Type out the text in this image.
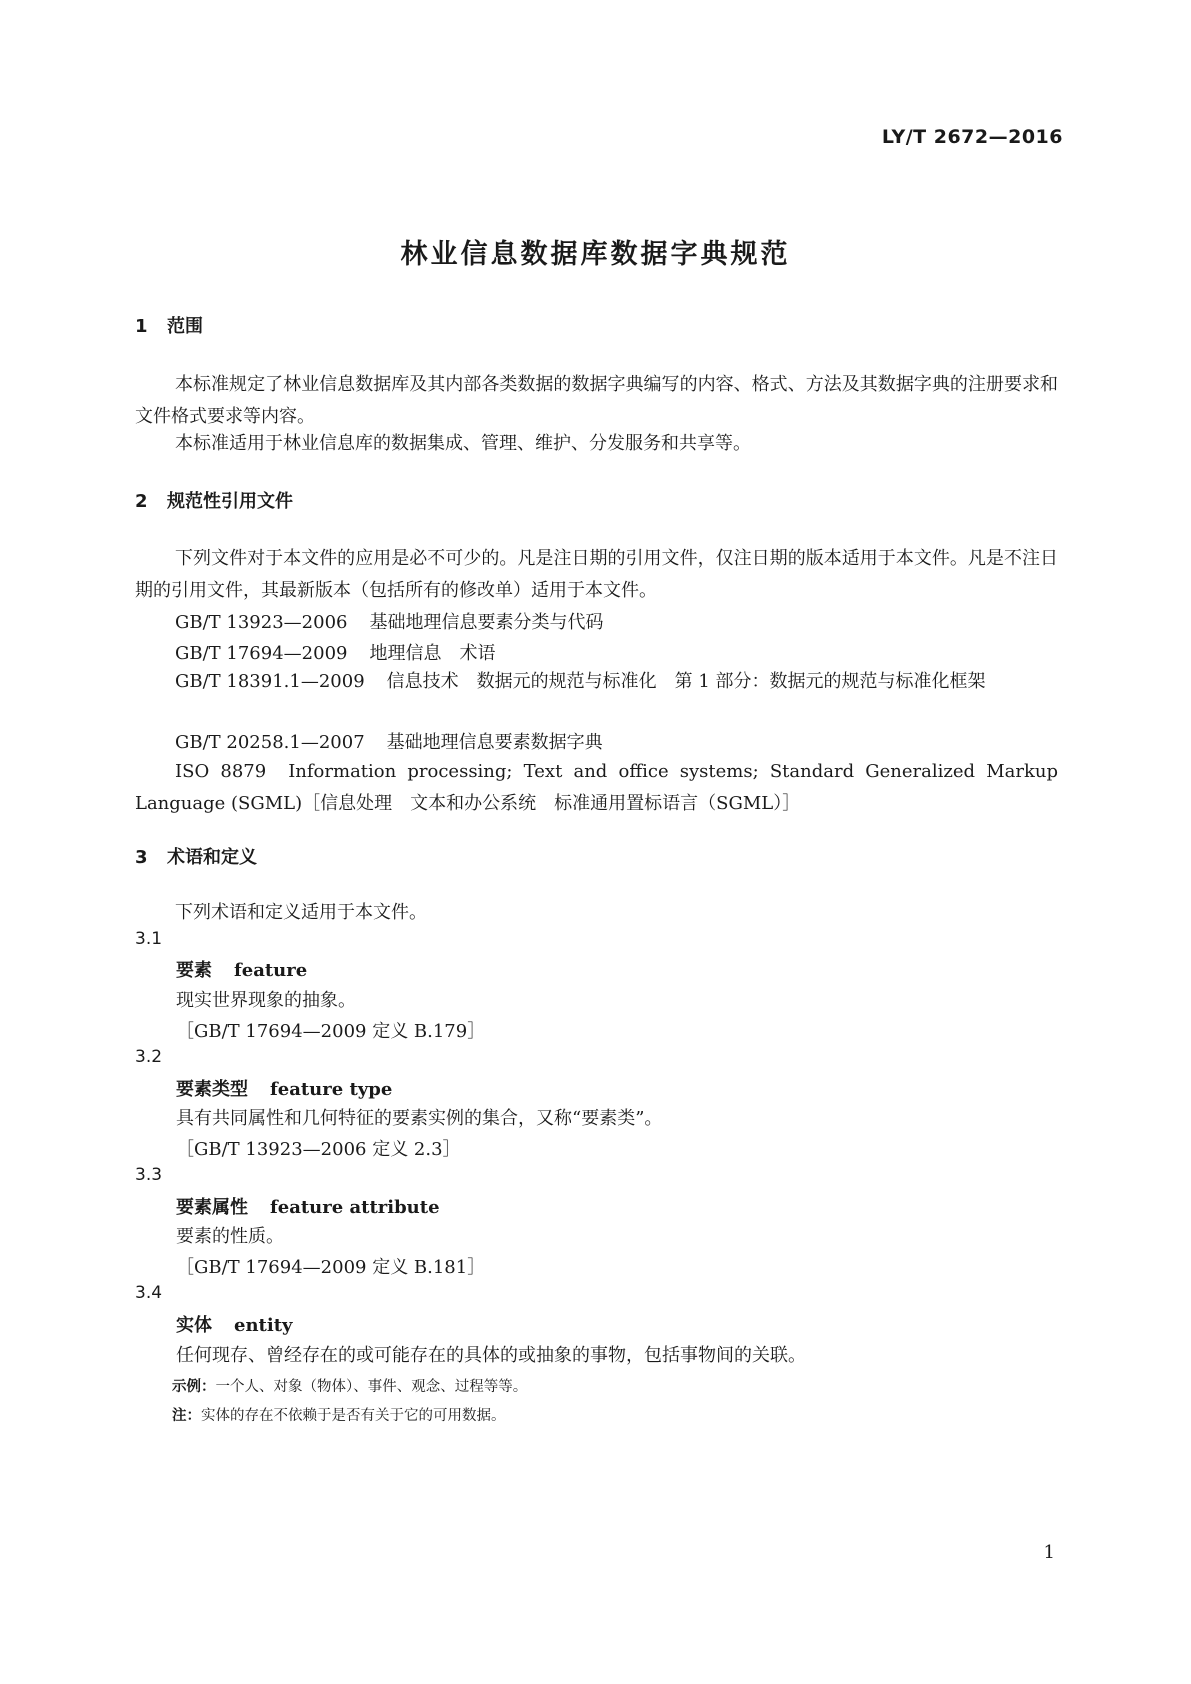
LY/T 2672—2016
林业信息数据库数据字典规范
1 范围
本标准规定了林业信息数据库及其内部各类数据的数据字典编写的内容、格式、方法及其数据字典的注册要求和文件格式要求等内容。
本标准适用于林业信息库的数据集成、管理、维护、分发服务和共享等。
2 规范性引用文件
下列文件对于本文件的应用是必不可少的。凡是注日期的引用文件，仅注日期的版本适用于本文件。凡是不注日期的引用文件，其最新版本（包括所有的修改单）适用于本文件。
GB/T 13923—2006 基础地理信息要素分类与代码
GB/T 17694—2009 地理信息　术语
GB/T 18391.1—2009 信息技术　数据元的规范与标准化　第 1 部分：数据元的规范与标准化框架
GB/T 20258.1—2007 基础地理信息要素数据字典
ISO 8879 Information processing; Text and office systems; Standard Generalized Markup Language (SGML)［信息处理　文本和办公系统　标准通用置标语言（SGML）］
3 术语和定义
下列术语和定义适用于本文件。
3.1
要素 feature
现实世界现象的抽象。
［GB/T 17694—2009 定义 B.179］
3.2
要素类型 feature type
具有共同属性和几何特征的要素实例的集合，又称“要素类”。
［GB/T 13923—2006 定义 2.3］
3.3
要素属性 feature attribute
要素的性质。
［GB/T 17694—2009 定义 B.181］
3.4
实体 entity
任何现存、曾经存在的或可能存在的具体的或抽象的事物，包括事物间的关联。
示例：一个人、对象（物体）、事件、观念、过程等等。
注：实体的存在不依赖于是否有关于它的可用数据。
1
